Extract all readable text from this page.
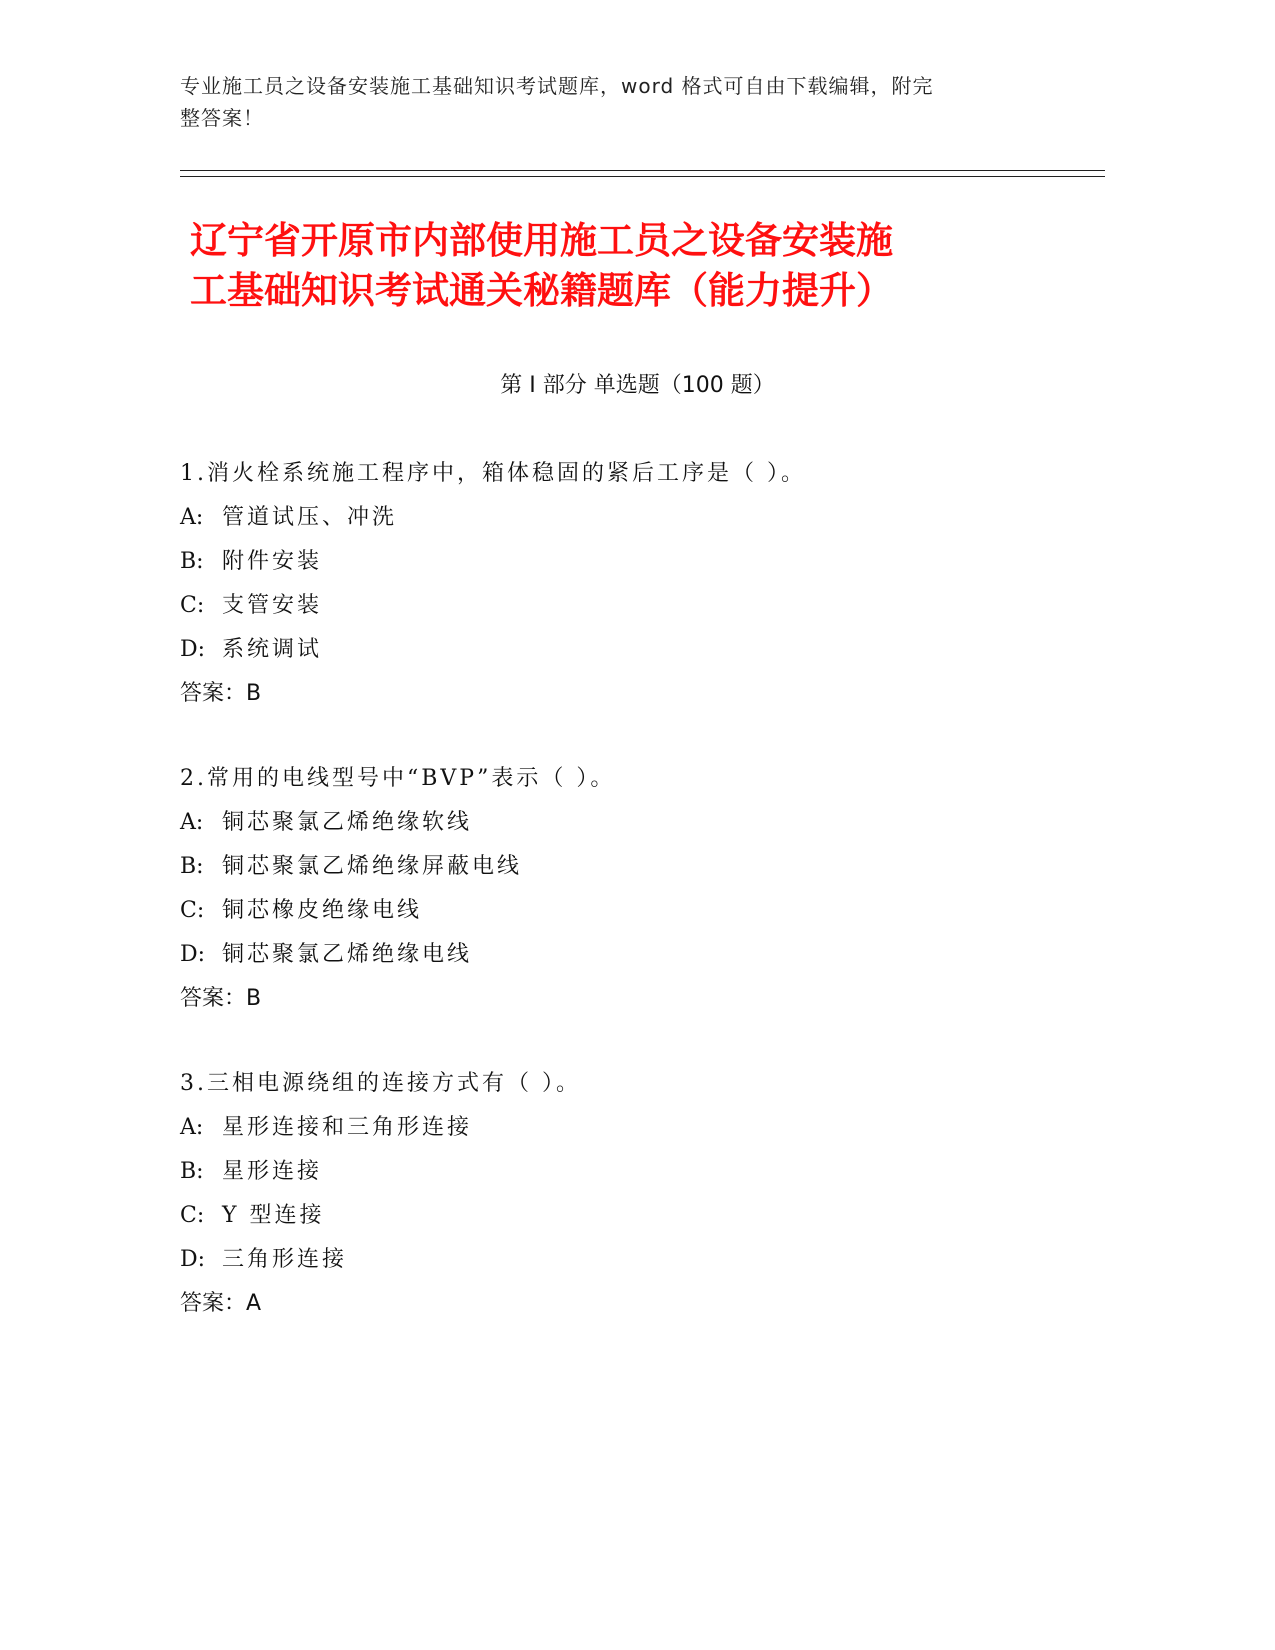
专业施工员之设备安装施工基础知识考试题库，word 格式可自由下载编辑，附完
整答案！
辽宁省开原市内部使用施工员之设备安装施
工基础知识考试通关秘籍题库（能力提升）
第 I 部分 单选题（100 题）
1.消火栓系统施工程序中，箱体稳固的紧后工序是（ ）。
A: 管道试压、冲洗
B: 附件安装
C: 支管安装
D: 系统调试
答案：B
2.常用的电线型号中“BVP”表示（ ）。
A: 铜芯聚氯乙烯绝缘软线
B: 铜芯聚氯乙烯绝缘屏蔽电线
C: 铜芯橡皮绝缘电线
D: 铜芯聚氯乙烯绝缘电线
答案：B
3.三相电源绕组的连接方式有（ ）。
A: 星形连接和三角形连接
B: 星形连接
C: Y 型连接
D: 三角形连接
答案：A
